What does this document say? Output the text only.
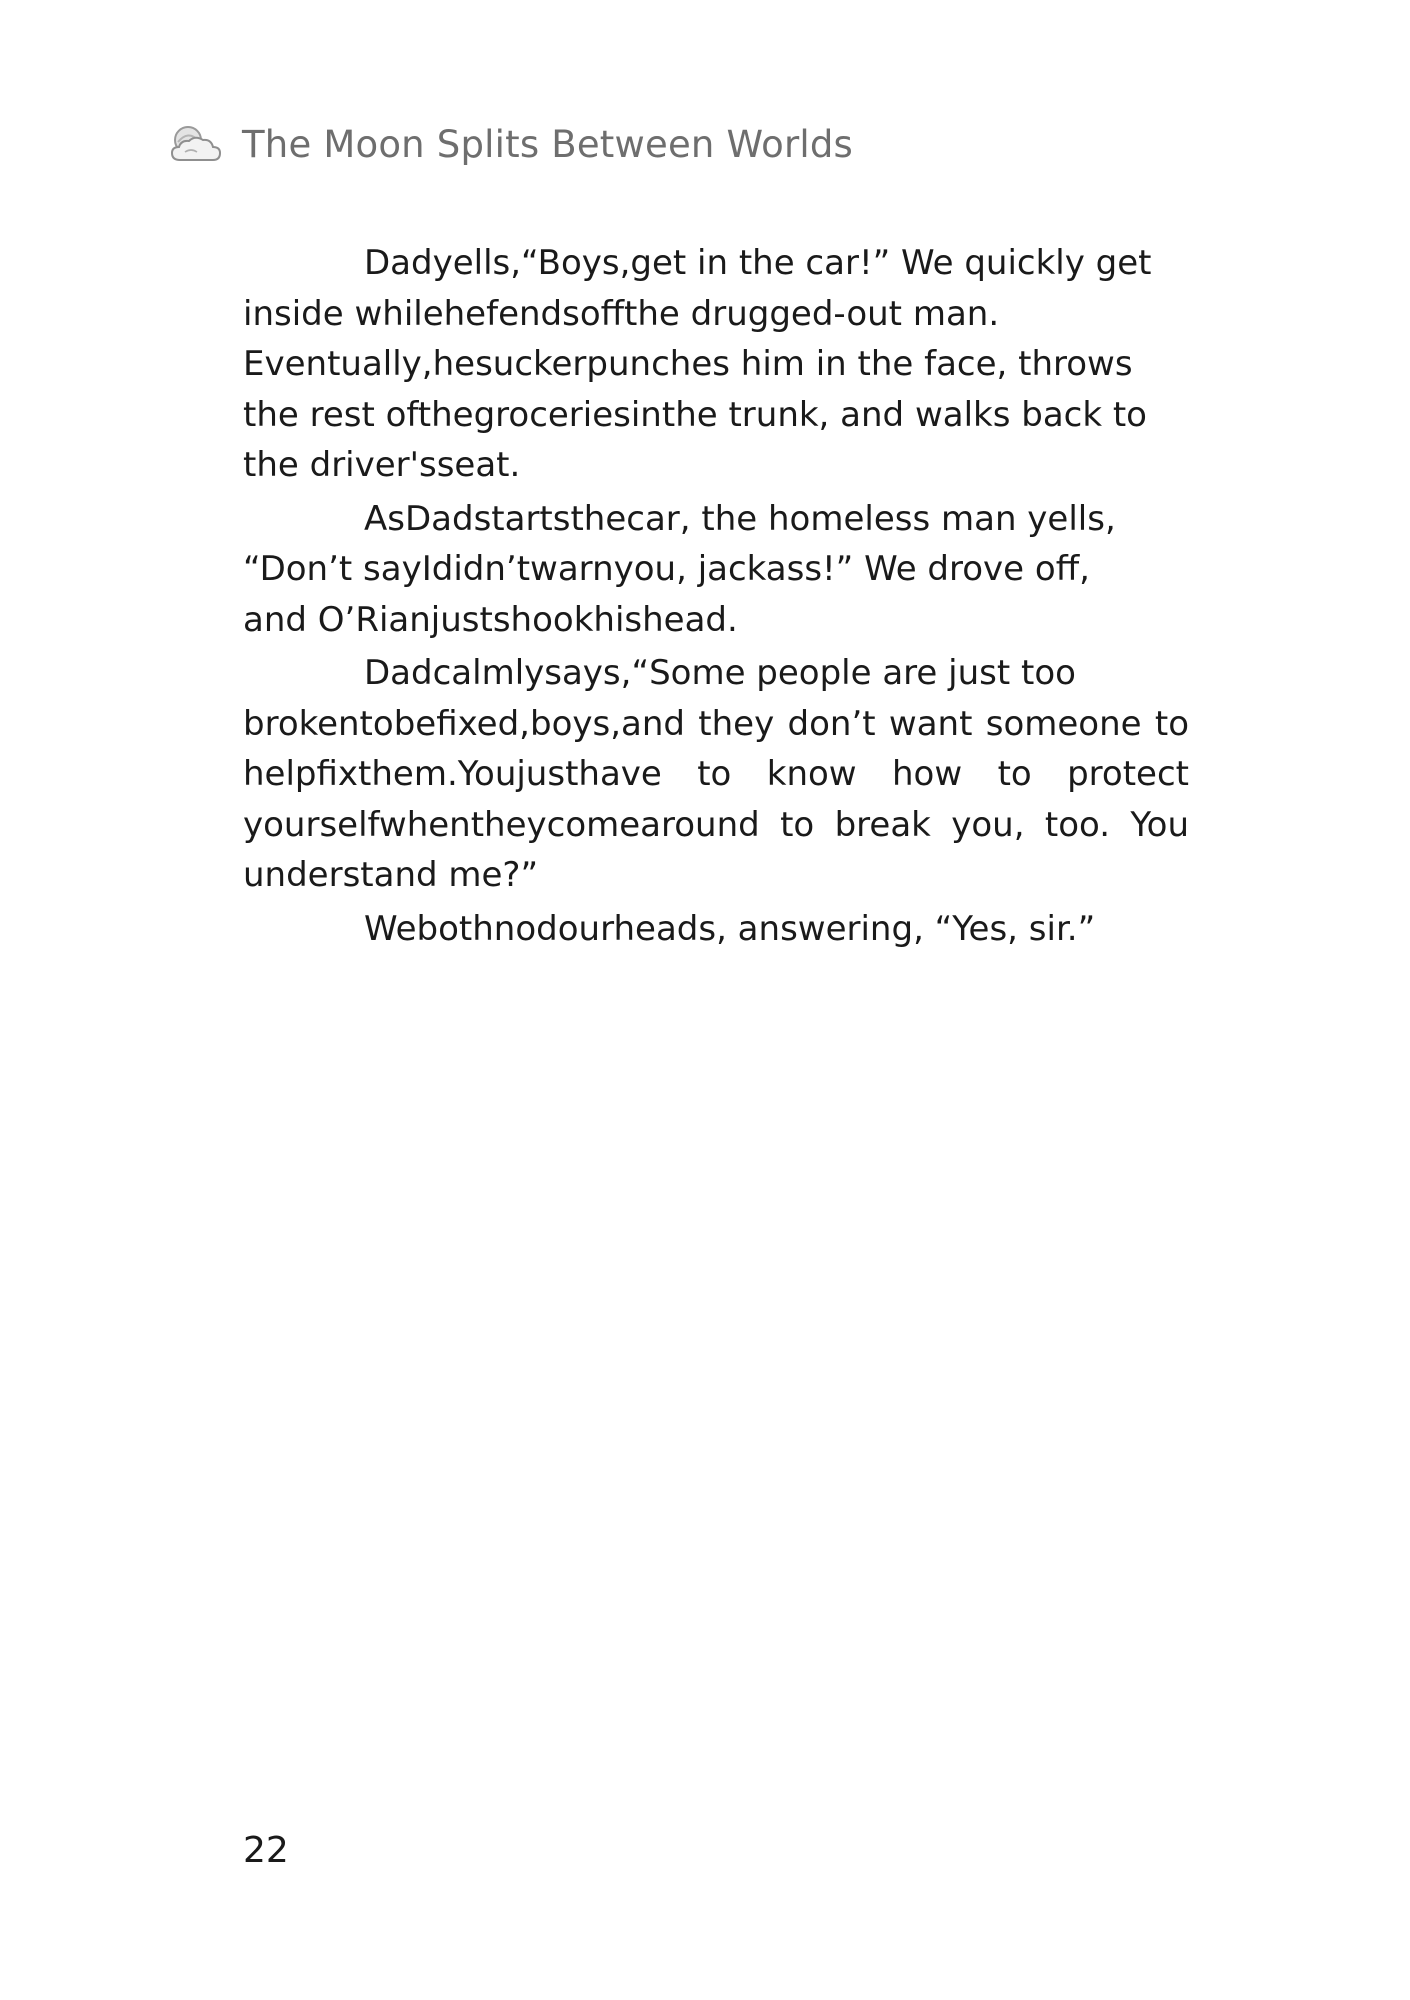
The Moon Splits Between Worlds
Dadyells,“Boys,get in the car!” We quickly get
inside whilehefendsoffthe drugged-out man.
Eventually,hesuckerpunches him in the face, throws
the rest ofthegroceriesinthe trunk, and walks back to
the driver'sseat.
AsDadstartsthecar, the homeless man yells,
“Don’t sayIdidn’twarnyou, jackass!” We drove off,
and O’Rianjustshookhishead.
Dadcalmlysays,“Some people are just too
brokentobefixed,boys,and they don’t want someone to
helpfixthem.Youjusthave to know how to protect
yourselfwhentheycomearound to break you, too. You
understand me?”
Webothnodourheads, answering, “Yes, sir.”
22
